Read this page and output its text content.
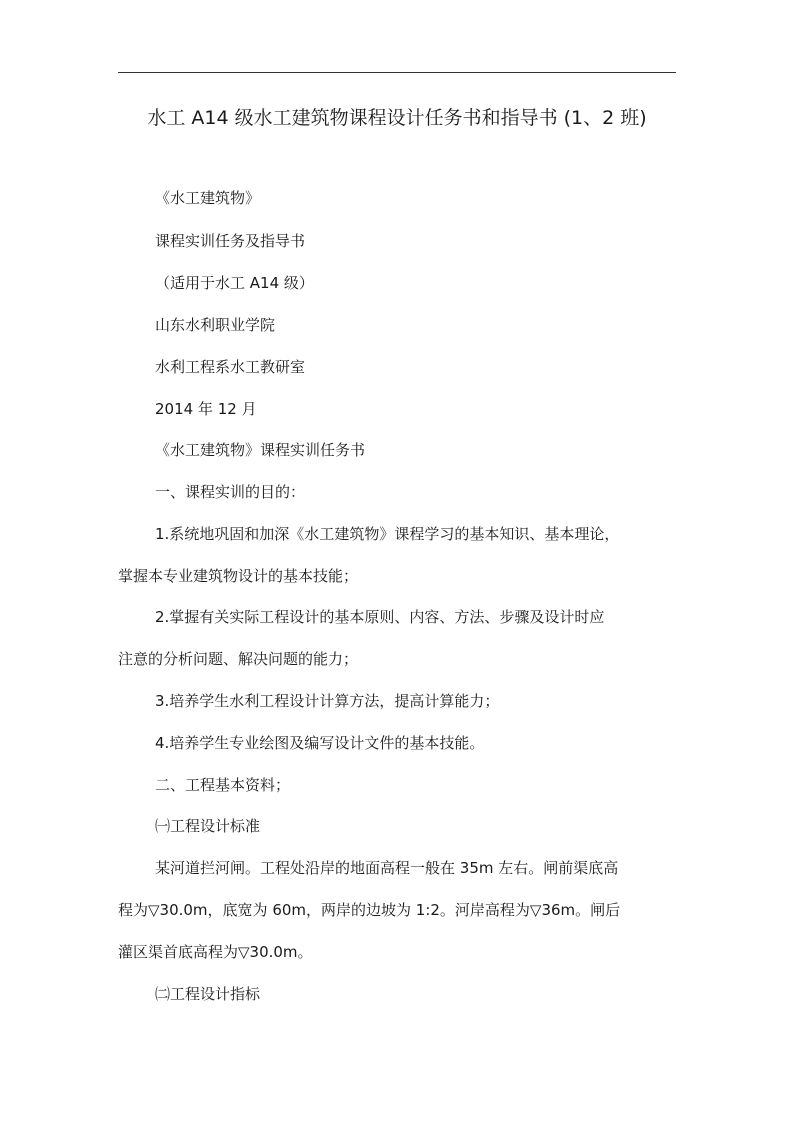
水工 A14 级水工建筑物课程设计任务书和指导书 (1、2 班)
《水工建筑物》
课程实训任务及指导书
（适用于水工 A14 级）
山东水利职业学院
水利工程系水工教研室
2014 年 12 月
《水工建筑物》课程实训任务书
一、课程实训的目的：
1.系统地巩固和加深《水工建筑物》课程学习的基本知识、基本理论，
掌握本专业建筑物设计的基本技能；
2.掌握有关实际工程设计的基本原则、内容、方法、步骤及设计时应
注意的分析问题、解决问题的能力；
3.培养学生水利工程设计计算方法，提高计算能力；
4.培养学生专业绘图及编写设计文件的基本技能。
二、工程基本资料；
㈠工程设计标准
某河道拦河闸。工程处沿岸的地面高程一般在 35m 左右。闸前渠底高
程为▽30.0m，底宽为 60m，两岸的边坡为 1:2。河岸高程为▽36m。闸后
灌区渠首底高程为▽30.0m。
㈡工程设计指标
